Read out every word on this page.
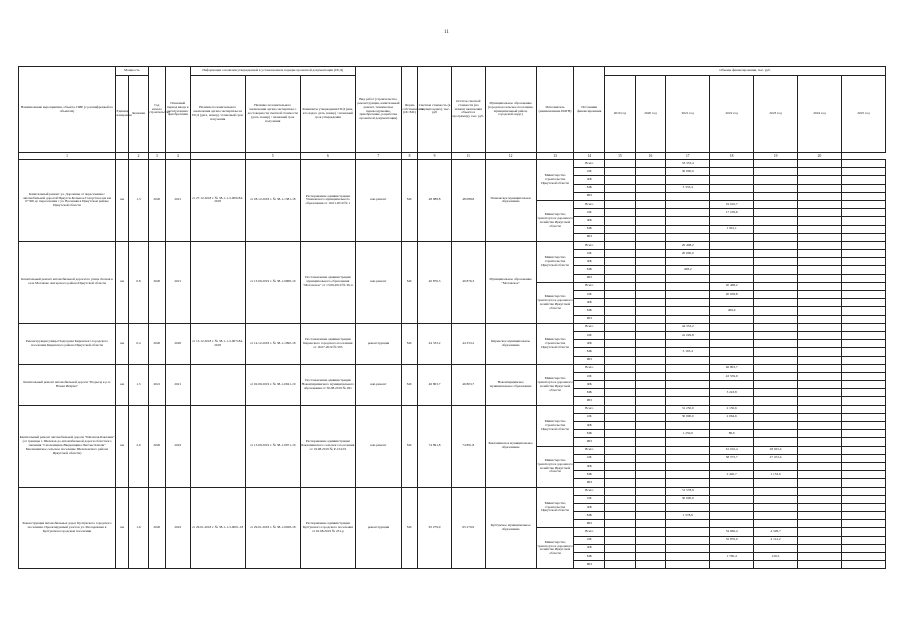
11
Наименование мероприятия, объекта, ПИР (с расшифровкой по объектам)	Мощность		Год начала строительства	Плановый период ввода в эксплуатацию/приобретения	Информация о наличии утвержденной в установленном порядке проектной документации (ПСД)			Вид работ (строительство, реконструкция, капитальный ремонт, техническое перевооружение, приобретение, разработка проектной документации)	Форма собственности (ОС/МС)	Сметная стоимость (в текущих ценах), тыс. руб	Остаток сметной стоимости (на момент включения объекта в программу), тыс. руб.	Муниципальное образование (городское/сельское поселение, муниципальный район, городской округ)	Исполнитель (наименование ИОГВ)	Источники финансирования	Объемы финансирования, тыс. руб.						
	Единица измерения	Значение			Наличие положительного заключения органа экспертизы на ПСД (дата, номер) / плановый срок получения	Наличие положительного заключения органа экспертизы о достоверности сметной стоимости (дата, номер) / плановый срок получения	Реквизиты утверждения ПСД (кем, кто издал, дата, номер) / плановый срок утверждения								2019 год	2020 год	2021 год	2022 год	2023 год	2024 год	2025 год
1		2	3	4		5	6	7	8	9	11	12	13	14	15	16	17	18	19	20	
Капитальный ремонт ул. Дорожная от пересечения с автомобильной дорогой Иркутск-Большое Голоустное км км 0+300 до пересечения с ул. Весенняя в Иркутском районе Иркутской области	км	1,3	2020	2021	от 27.12.2018 г. № 38-1-1-3-009184-2018	от 28.12.2018 г. № 38-1-1381-18	Распоряжение администрации Ушаковского муниципального образования от 16.01.2019 № 1	кап.ремонт	МС	48 088,8	48 088,8	Ушаковское муниципальное образование	Министерство строительства Иркутской области	Всего			33 333,4				
														ОБ			30 000,0				
														ФБ							
														МБ			3 333,4				
														ИИ							
													Министерство транспорта и дорожного хозяйства Иркутской области	Всего				19 010,7			
														ОБ				17 109,6			
														ФБ							
														МБ				1 901,1			
														ИИ							
Капитальный ремонт автомобильной дороги по улице Лесная в селе Мотаково Ангарского района Иркутской области	км	0,8	2020	2021		от 13.09.2019 г. № 38-1-0968-19	Постановление администрации муниципального образования "Мотовское" от 13.09.2019 № 36-п	кап.ремонт	МС	40 876,3	40 876,3	Муниципальное образование "Мотовское"	Министерство строительства Иркутской области	Всего			20 408,2				
														ОБ			20 000,0				
														ФБ							
														МБ			408,2				
														ИИ							
													Министерство транспорта и дорожного хозяйства Иркутской области	Всего				20 468,2			
														ОБ				20 058,8			
														ФБ							
														МБ				409,4			
														ИИ							
Реконструкция улицы Подгорная Киренского городского поселения Киренского района Иркутской области	км	0,4	2020	2020	от 13.12.2018 г. № 38-1-1-3-007184-2018	от 14.12.2018 г. № 38-1-1090-18	Постановление администрации Киренского городского поселения от 16.07.2019 № 505	реконструкция	МС	44 333,2	44 333,2	Киренское муниципальное образование	Министерство строительства Иркутской области	Всего			44 333,2				
														ОБ			41 229,8				
														ФБ							
														МБ			3 103,4				
														ИИ							
Капитальный ремонт автомобильной дороги "Подъезд к р.п. Новая Игирма"	км	1,3	2021	2021		от 02.09.2019 г. № 38-1-0941-19	Постановление администрации Новоигирминского муниципального образования от 30.08.2019 № 491	кап.ремонт	МС	46 803,7	46 803,7	Новоигирминское муниципальное образование	Министерство транспорта и дорожного хозяйства Иркутской области	Всего				46 803,7			
														ОБ				43 559,9			
														ФБ							
														МБ				3 243,8			
														ИИ							
Капитальный ремонт автомобильной дороги "Шелехов-Баклаши" (от границы г. Шелехов до автомобильной дороги областного значения "Смоленщина-Введенщина-Чистые Ключи" Баклашинское сельское поселение Шелеховского района Иркутской области)	км	2,0	2020	2022		от 13.09.2019 г. № 38-1-0971-19	Распоряжение администрации Баклашинского сельского поселения от 19.08.2019 № Р-154/19	кап.ремонт	МС	74 891,8	74 891,8	Баклашинское муниципальное образование	Министерство строительства Иркутской области	Всего			31 250,0	2 150,6			
														ОБ			30 000,0	2 064,6			
														ФБ							
														МБ			1 250,0	86,0			
														ИИ							
													Министерство транспорта и дорожного хозяйства Иркутской области	Всего				61 016,4	28 025,4		
														ОБ				58 575,7	27 472,4		
														ФБ							
														МБ				2 440,7	1 153,0		
														ИИ							
Реконструкция автомобильных дорог Култукского городского поселения. Проектируемый участок ул. Молодежная в Култукском городском поселении	км	1,6	2020	2022	от 29.01.2018 г. № 38-1-1-3-0001-18	от 29.01.2018 г. № 38-1-0028-18	Распоряжение администрации Култукского городского поселения от 02.08.2019 № 231-р	реконструкция	МС	65 279,9	65 279,9	Култукское муниципальное образование	Министерство строительства Иркутской области	Всего			31 578,9				
														ОБ			30 000,0				
														ФБ							
														МБ			1 578,9				
														ИИ							
													Министерство транспорта и дорожного хозяйства Иркутской области	Всего				34 666,4	4 328,7		
														ОБ				32 876,0	4 112,2		
														ФБ							
														МБ				1 790,4	216,5		
														ИИ							
